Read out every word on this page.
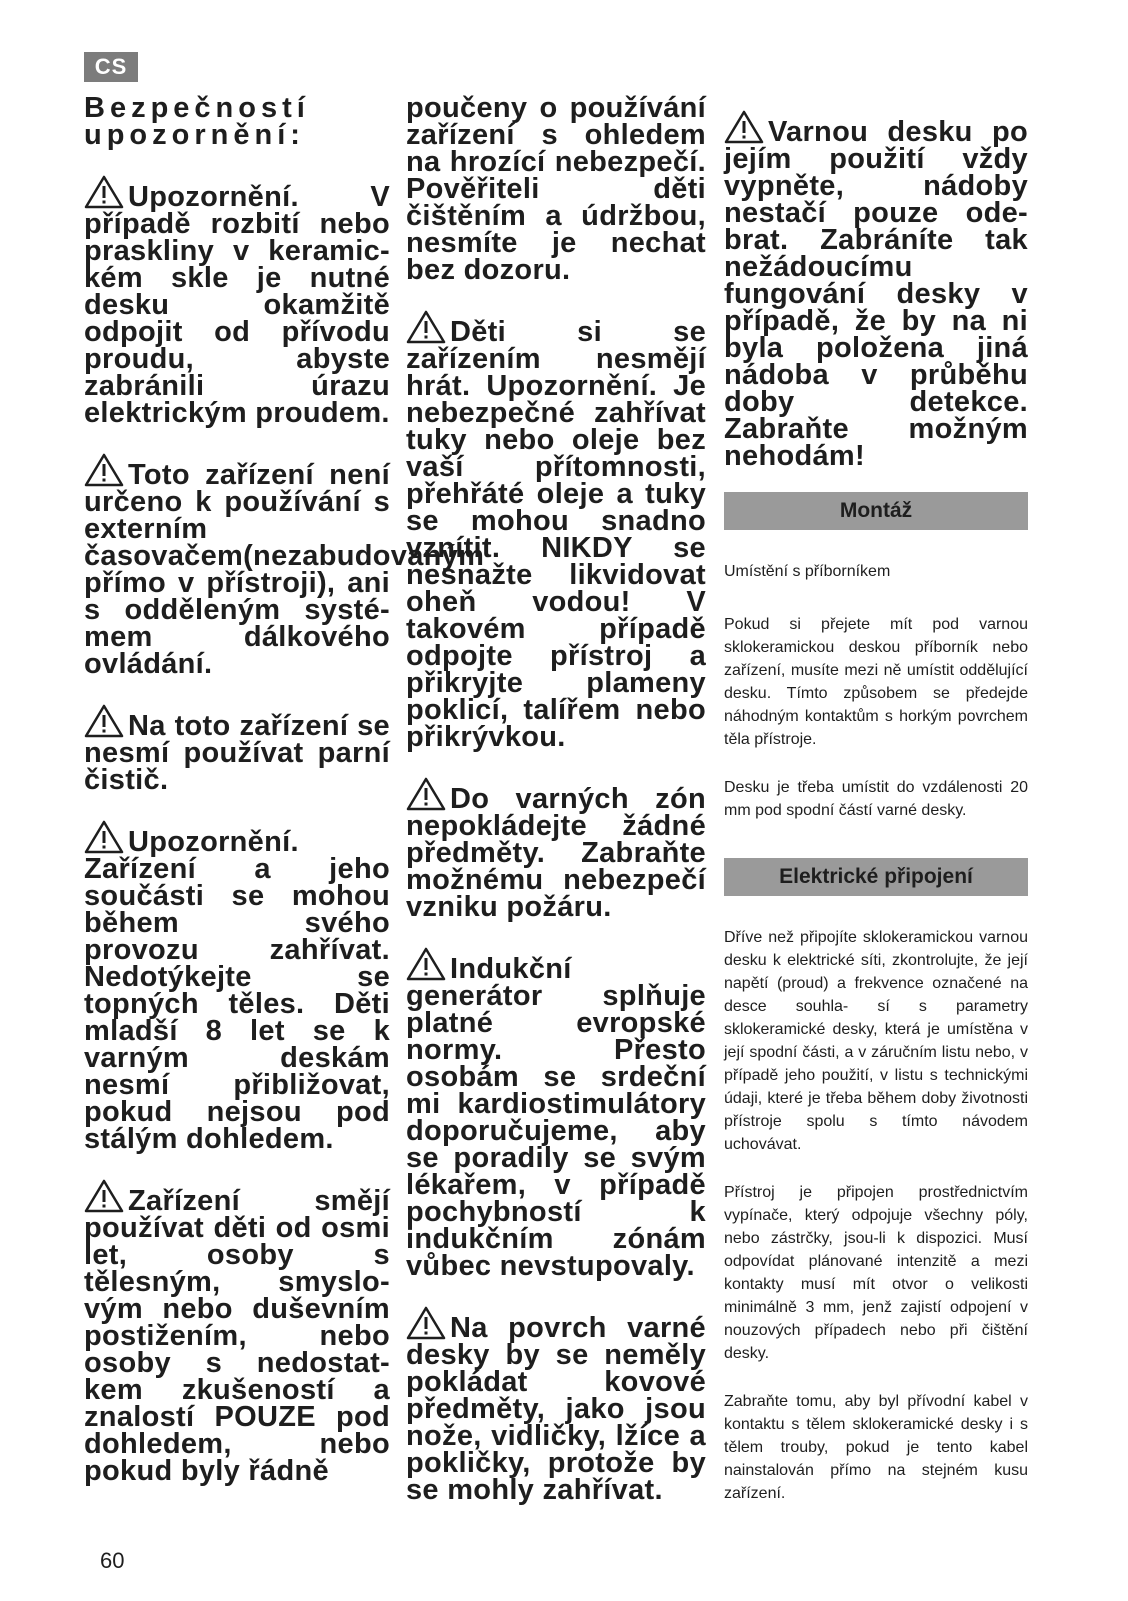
CS

Bezpečností upozornění:

Upozornění. V případě rozbití nebo praskliny v keramic- kém skle je nutné desku okamžitě odpojit od přívodu proudu, abyste zabránili úrazu elektrickým proudem.

Toto zařízení není určeno k používání s externím časovačem(nezabudovaným přímo v přístroji), ani s odděleným systé- mem dálkového ovládání.

Na toto zařízení se nesmí používat parní čistič.

Upozornění. Zařízení a jeho součásti se mohou během svého provozu zahřívat. Nedotýkejte se topných těles. Děti mladší 8 let se k varným deskám nesmí přibližovat, pokud nejsou pod stálým dohledem.

Zařízení smějí používat děti od osmi let, osoby s tělesným, smyslo- vým nebo duševním postižením, nebo osoby s nedostat- kem zkušeností a znalostí POUZE pod dohledem, nebo pokud byly řádně

poučeny o používání zařízení s ohledem na hrozící nebezpečí. Pověřiteli děti čištěním a údržbou, nesmíte je nechat bez dozoru.

Děti si se zařízením nesmějí hrát. Upozornění. Je nebezpečné zahřívat tuky nebo oleje bez vaší přítomnosti, přehřáté oleje a tuky se mohou snadno vznítit. NIKDY se nesnažte likvidovat oheň vodou! V takovém případě odpojte přístroj a přikryjte plameny poklicí, talířem nebo přikrývkou.

Do varných zón nepokládejte žádné předměty. Zabraňte možnému nebezpečí vzniku požáru.

Indukční generátor splňuje platné evropské normy. Přesto osobám se srdeční mi kardiostimulátory doporučujeme, aby se poradily se svým lékařem, v případě pochybností k indukčním zónám vůbec nevstupovaly.

Na povrch varné desky by se neměly pokládat kovové předměty, jako jsou nože, vidličky, lžíce a pokličky, protože by se mohly zahřívat.

Varnou desku po jejím použití vždy vypněte, nádoby nestačí pouze ode- brat. Zabráníte tak nežádoucímu fungování desky v případě, že by na ni byla položena jiná nádoba v průběhu doby detekce. Zabraňte možným nehodám!

Montáž

Umístění s příborníkem

Pokud si přejete mít pod varnou sklokeramickou deskou příborník nebo zařízení, musíte mezi ně umístit oddělující desku. Tímto způsobem se předejde náhodným kontaktům s horkým povrchem těla přístroje.

Desku je třeba umístit do vzdálenosti 20 mm pod spodní částí varné desky.

Elektrické připojení

Dříve než připojíte sklokeramickou varnou desku k elektrické síti, zkontrolujte, že její napětí (proud) a frekvence označené na desce souhla- sí s parametry sklokeramické desky, která je umístěna v její spodní části, a v záručním listu nebo, v případě jeho použití, v listu s technickými údaji, které je třeba během doby životnosti přístroje spolu s tímto návodem uchovávat.

Přístroj je připojen prostřednictvím vypínače, který odpojuje všechny póly, nebo zástrčky, jsou-li k dispozici. Musí odpovídat plánované intenzitě a mezi kontakty musí mít otvor o velikosti minimálně 3 mm, jenž zajistí odpojení v nouzových případech nebo při čištění desky.

Zabraňte tomu, aby byl přívodní kabel v kontaktu s tělem sklokeramické desky i s tělem trouby, pokud je tento kabel nainstalován přímo na stejném kusu zařízení.

60
